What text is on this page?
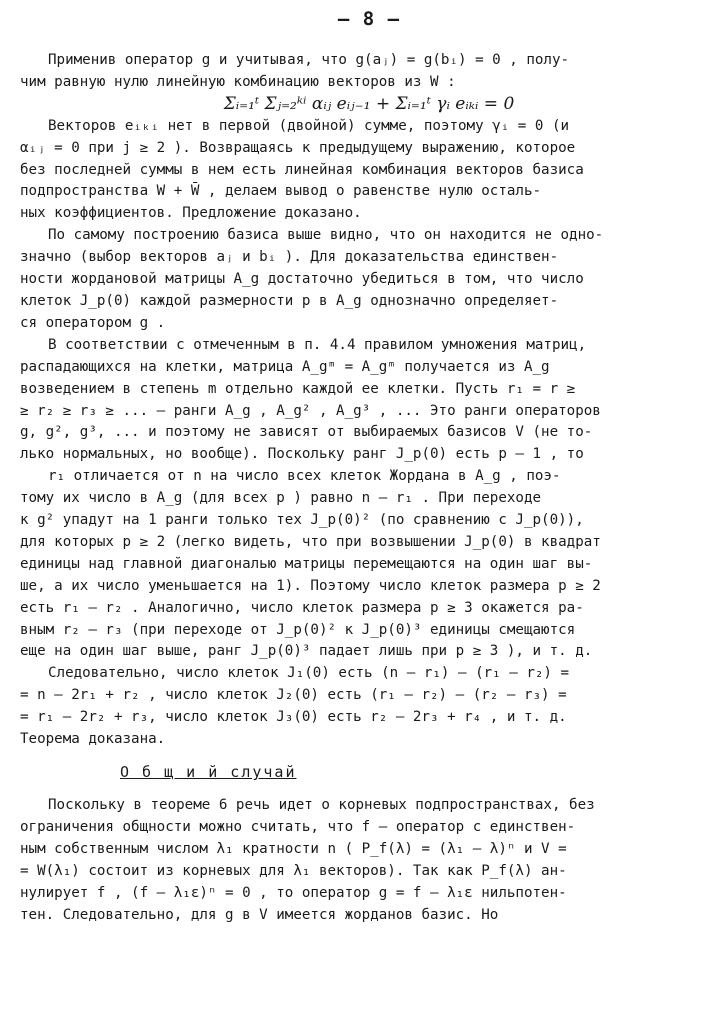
– 8 –
Применив оператор g и учитывая, что g(aⱼ) = g(bᵢ) = 0 , полу-
чим равную нулю линейную комбинацию векторов из W :
Σᵢ₌₁ᵗ Σⱼ₌₂ᵏⁱ αᵢⱼ eᵢⱼ₋₁ + Σᵢ₌₁ᵗ γᵢ eᵢₖᵢ = 0
Векторов eᵢₖᵢ нет в первой (двойной) сумме, поэтому γᵢ = 0 (и
αᵢⱼ = 0 при j ≥ 2 ). Возвращаясь к предыдущему выражению, которое
без последней суммы в нем есть линейная комбинация векторов базиса
подпространства W + W̄ , делаем вывод о равенстве нулю осталь-
ных коэффициентов. Предложение доказано.
По самому построению базиса выше видно, что он находится не одно-
значно (выбор векторов aⱼ и bᵢ ). Для доказательства единствен-
ности жордановой матрицы A_g достаточно убедиться в том, что число
клеток J_p(0) каждой размерности p в A_g однозначно определяет-
ся оператором g .
В соответствии с отмеченным в п. 4.4 правилом умножения матриц,
распадающихся на клетки, матрица A_gᵐ = A_gᵐ получается из A_g
возведением в степень m отдельно каждой ее клетки. Пусть r₁ = r ≥
≥ r₂ ≥ r₃ ≥ ... – ранги A_g , A_g² , A_g³ , ... Это ранги операторов
g, g², g³, ... и поэтому не зависят от выбираемых базисов V (не то-
лько нормальных, но вообще). Поскольку ранг J_p(0) есть p – 1 , то
r₁ отличается от n на число всех клеток Жордана в A_g , поэ-
тому их число в A_g (для всех p ) равно n – r₁ . При переходе
к g² упадут на 1 ранги только тех J_p(0)² (по сравнению с J_p(0)),
для которых p ≥ 2 (легко видеть, что при возвышении J_p(0) в квадрат
единицы над главной диагональю матрицы перемещаются на один шаг вы-
ше, а их число уменьшается на 1). Поэтому число клеток размера p ≥ 2
есть r₁ – r₂ . Аналогично, число клеток размера p ≥ 3 окажется ра-
вным r₂ – r₃ (при переходе от J_p(0)² к J_p(0)³ единицы смещаются
еще на один шаг выше, ранг J_p(0)³ падает лишь при p ≥ 3 ), и т. д.
Следовательно, число клеток J₁(0) есть (n – r₁) – (r₁ – r₂) =
= n – 2r₁ + r₂ , число клеток J₂(0) есть (r₁ – r₂) – (r₂ – r₃) =
= r₁ – 2r₂ + r₃, число клеток J₃(0) есть r₂ – 2r₃ + r₄ , и т. д.
Теорема доказана.
О б щ и й случай
Поскольку в теореме 6 речь идет о корневых подпространствах, без
ограничения общности можно считать, что f – оператор с единствен-
ным собственным числом λ₁ кратности n ( P_f(λ) = (λ₁ – λ)ⁿ и V =
= W(λ₁) состоит из корневых для λ₁ векторов). Так как P_f(λ) ан-
нулирует f , (f – λ₁ε)ⁿ = 0 , то оператор g = f – λ₁ε нильпотен-
тен. Следовательно, для g в V имеется жорданов базис. Но
